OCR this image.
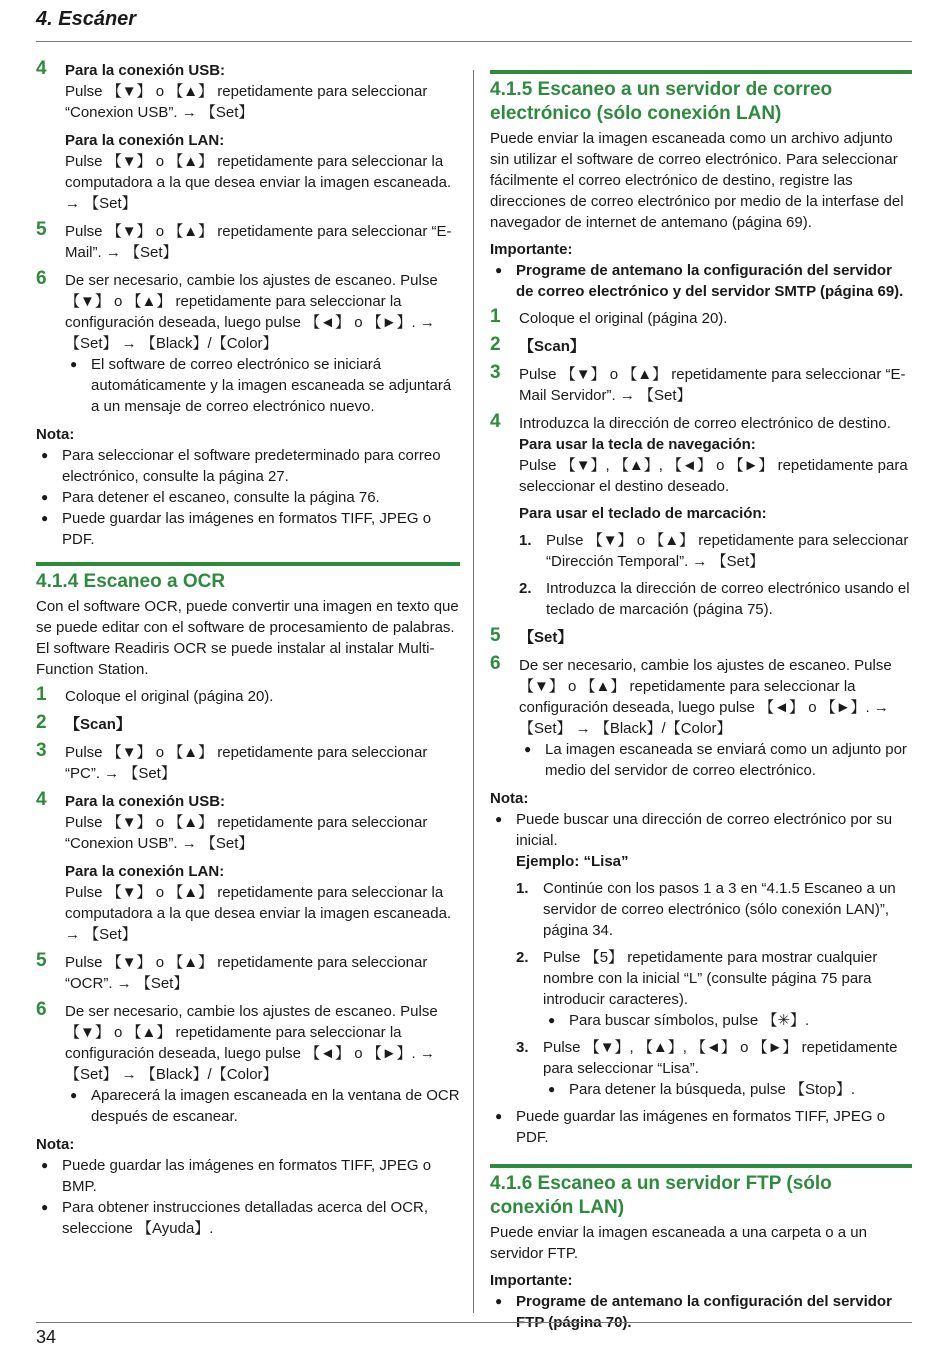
4. Escáner
4 Para la conexión USB:
Pulse 【▼】 o 【▲】 repetidamente para seleccionar “Conexion USB”. → 【Set】
Para la conexión LAN:
Pulse 【▼】 o 【▲】 repetidamente para seleccionar la computadora a la que desea enviar la imagen escaneada. → 【Set】
5 Pulse 【▼】 o 【▲】 repetidamente para seleccionar “E-Mail”. → 【Set】
6 De ser necesario, cambie los ajustes de escaneo. Pulse 【▼】 o 【▲】 repetidamente para seleccionar la configuración deseada, luego pulse 【◄】 o 【►】. → 【Set】 → 【Black】/【Color】
● El software de correo electrónico se iniciará automáticamente y la imagen escaneada se adjuntará a un mensaje de correo electrónico nuevo.
Nota:
● Para seleccionar el software predeterminado para correo electrónico, consulte la página 27.
● Para detener el escaneo, consulte la página 76.
● Puede guardar las imágenes en formatos TIFF, JPEG o PDF.
4.1.4 Escaneo a OCR
Con el software OCR, puede convertir una imagen en texto que se puede editar con el software de procesamiento de palabras. El software Readiris OCR se puede instalar al instalar Multi-Function Station.
1 Coloque el original (página 20).
2 【Scan】
3 Pulse 【▼】 o 【▲】 repetidamente para seleccionar “PC”. → 【Set】
4 Para la conexión USB:
Pulse 【▼】 o 【▲】 repetidamente para seleccionar “Conexion USB”. → 【Set】
Para la conexión LAN:
Pulse 【▼】 o 【▲】 repetidamente para seleccionar la computadora a la que desea enviar la imagen escaneada. → 【Set】
5 Pulse 【▼】 o 【▲】 repetidamente para seleccionar “OCR”. → 【Set】
6 De ser necesario, cambie los ajustes de escaneo. Pulse 【▼】 o 【▲】 repetidamente para seleccionar la configuración deseada, luego pulse 【◄】 o 【►】. → 【Set】 → 【Black】/【Color】
● Aparecerá la imagen escaneada en la ventana de OCR después de escanear.
Nota:
● Puede guardar las imágenes en formatos TIFF, JPEG o BMP.
● Para obtener instrucciones detalladas acerca del OCR, seleccione 【Ayuda】.
4.1.5 Escaneo a un servidor de correo electrónico (sólo conexión LAN)
Puede enviar la imagen escaneada como un archivo adjunto sin utilizar el software de correo electrónico. Para seleccionar fácilmente el correo electrónico de destino, registre las direcciones de correo electrónico por medio de la interfase del navegador de internet de antemano (página 69).
Importante:
● Programe de antemano la configuración del servidor de correo electrónico y del servidor SMTP (página 69).
1 Coloque el original (página 20).
2 【Scan】
3 Pulse 【▼】 o 【▲】 repetidamente para seleccionar “E-Mail Servidor”. → 【Set】
4 Introduzca la dirección de correo electrónico de destino.
Para usar la tecla de navegación:
Pulse 【▼】, 【▲】, 【◄】 o 【►】 repetidamente para seleccionar el destino deseado.
Para usar el teclado de marcación:
1. Pulse 【▼】 o 【▲】 repetidamente para seleccionar “Dirección Temporal”. → 【Set】
2. Introduzca la dirección de correo electrónico usando el teclado de marcación (página 75).
5 【Set】
6 De ser necesario, cambie los ajustes de escaneo. Pulse 【▼】 o 【▲】 repetidamente para seleccionar la configuración deseada, luego pulse 【◄】 o 【►】. → 【Set】 → 【Black】/【Color】
● La imagen escaneada se enviará como un adjunto por medio del servidor de correo electrónico.
Nota:
● Puede buscar una dirección de correo electrónico por su inicial.
Ejemplo: “Lisa”
1. Continúe con los pasos 1 a 3 en “4.1.5 Escaneo a un servidor de correo electrónico (sólo conexión LAN)”, página 34.
2. Pulse 【5】 repetidamente para mostrar cualquier nombre con la inicial “L” (consulte página 75 para introducir caracteres).
● Para buscar símbolos, pulse 【✳】.
3. Pulse 【▼】, 【▲】, 【◄】 o 【►】 repetidamente para seleccionar “Lisa”.
● Para detener la búsqueda, pulse 【Stop】.
● Puede guardar las imágenes en formatos TIFF, JPEG o PDF.
4.1.6 Escaneo a un servidor FTP (sólo conexión LAN)
Puede enviar la imagen escaneada a una carpeta o a un servidor FTP.
Importante:
● Programe de antemano la configuración del servidor FTP (página 70).
34
